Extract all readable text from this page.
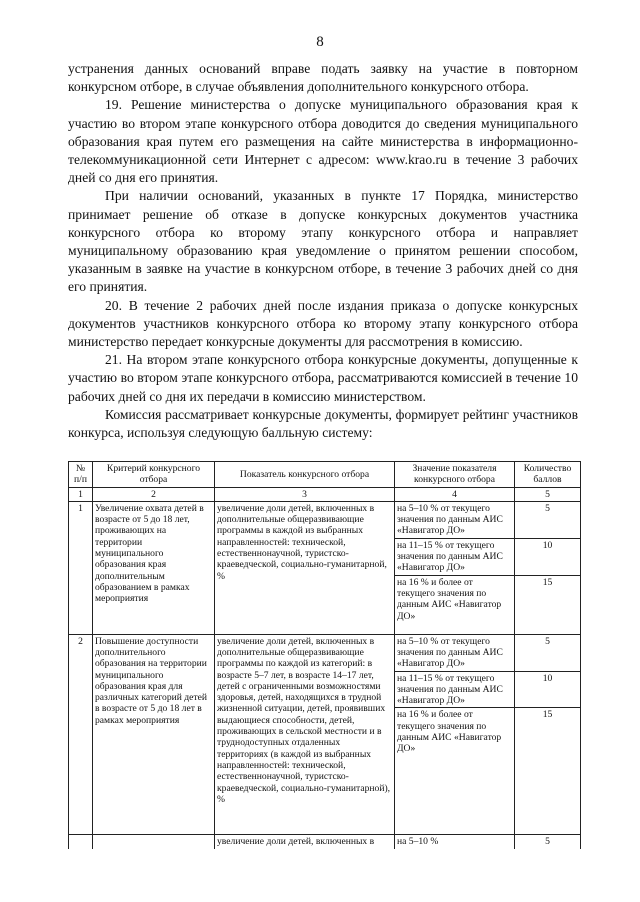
8

устранения данных оснований вправе подать заявку на участие в повторном конкурсном отборе, в случае объявления дополнительного конкурсного отбора.

19. Решение министерства о допуске муниципального образования края к участию во втором этапе конкурсного отбора доводится до сведения муниципального образования края путем его размещения на сайте министерства в информационно-телекоммуникационной сети Интернет с адресом: www.krao.ru в течение 3 рабочих дней со дня его принятия.

При наличии оснований, указанных в пункте 17 Порядка, министерство принимает решение об отказе в допуске конкурсных документов участника конкурсного отбора ко второму этапу конкурсного отбора и направляет муниципальному образованию края уведомление о принятом решении способом, указанным в заявке на участие в конкурсном отборе, в течение 3 рабочих дней со дня его принятия.

20. В течение 2 рабочих дней после издания приказа о допуске конкурсных документов участников конкурсного отбора ко второму этапу конкурсного отбора министерство передает конкурсные документы для рассмотрения в комиссию.

21. На втором этапе конкурсного отбора конкурсные документы, допущенные к участию во втором этапе конкурсного отбора, рассматриваются комиссией в течение 10 рабочих дней со дня их передачи в комиссию министерством.

Комиссия рассматривает конкурсные документы, формирует рейтинг участников конкурса, используя следующую балльную систему:

№ п/п	Критерий конкурсного отбора	Показатель конкурсного отбора	Значение показателя конкурсного отбора	Количество баллов
1	2	3	4	5
1	Увеличение охвата детей в возрасте от 5 до 18 лет, проживающих на территории муниципального образования края дополнительным образованием в рамках мероприятия	увеличение доли детей, включенных в дополнительные общеразвивающие программы в каждой из выбранных направленностей: технической, естественнонаучной, туристско-краеведческой, социально-гуманитарной, %	на 5–10 % от текущего значения по данным АИС «Навигатор ДО»	5
			на 11–15 % от текущего значения по данным АИС «Навигатор ДО»	10
			на 16 % и более от текущего значения по данным АИС «Навигатор ДО»	15
2	Повышение доступности дополнительного образования на территории муниципального образования края для различных категорий детей в возрасте от 5 до 18 лет в рамках мероприятия	увеличение доли детей, включенных в дополнительные общеразвивающие программы по каждой из категорий: в возрасте 5–7 лет, в возрасте 14–17 лет, детей с ограниченными возможностями здоровья, детей, находящихся в трудной жизненной ситуации, детей, проявивших выдающиеся способности, детей, проживающих в сельской местности и в труднодоступных отдаленных территориях (в каждой из выбранных направленностей: технической, естественнонаучной, туристско-краеведческой, социально-гуманитарной), %	на 5–10 % от текущего значения по данным АИС «Навигатор ДО»	5
			на 11–15 % от текущего значения по данным АИС «Навигатор ДО»	10
			на 16 % и более от текущего значения по данным АИС «Навигатор ДО»	15
		увеличение доли детей, включенных в	на 5–10 %	5
